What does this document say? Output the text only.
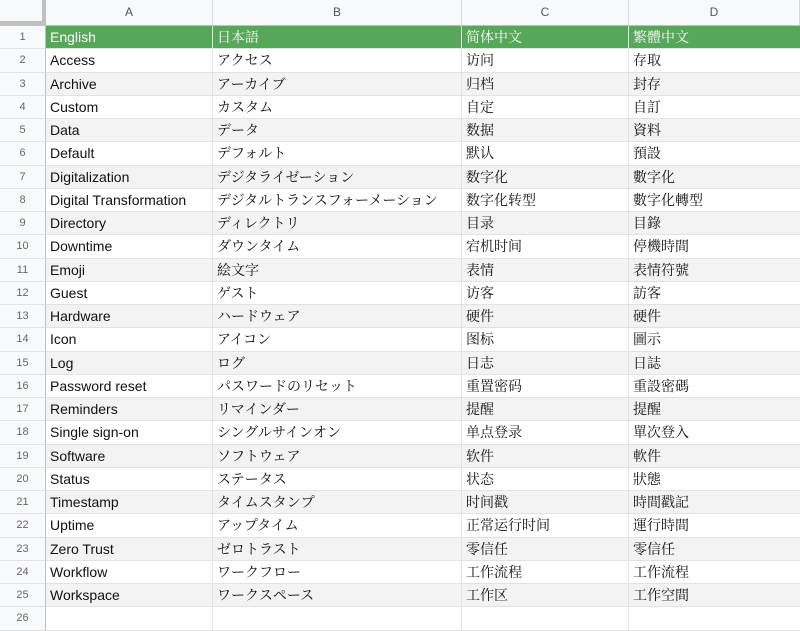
A	B	C	D
1	English	日本語	简体中文	繁體中文
2	Access	アクセス	访问	存取
3	Archive	アーカイブ	归档	封存
4	Custom	カスタム	自定	自訂
5	Data	データ	数据	資料
6	Default	デフォルト	默认	預設
7	Digitalization	デジタライゼーション	数字化	數字化
8	Digital Transformation	デジタルトランスフォーメーション	数字化转型	數字化轉型
9	Directory	ディレクトリ	目录	目錄
10	Downtime	ダウンタイム	宕机时间	停機時間
11	Emoji	絵文字	表情	表情符號
12	Guest	ゲスト	访客	訪客
13	Hardware	ハードウェア	硬件	硬件
14	Icon	アイコン	图标	圖示
15	Log	ログ	日志	日誌
16	Password reset	パスワードのリセット	重置密码	重設密碼
17	Reminders	リマインダー	提醒	提醒
18	Single sign-on	シングルサインオン	单点登录	單次登入
19	Software	ソフトウェア	软件	軟件
20	Status	ステータス	状态	狀態
21	Timestamp	タイムスタンプ	时间戳	時間戳記
22	Uptime	アップタイム	正常运行时间	運行時間
23	Zero Trust	ゼロトラスト	零信任	零信任
24	Workflow	ワークフロー	工作流程	工作流程
25	Workspace	ワークスペース	工作区	工作空間
26
